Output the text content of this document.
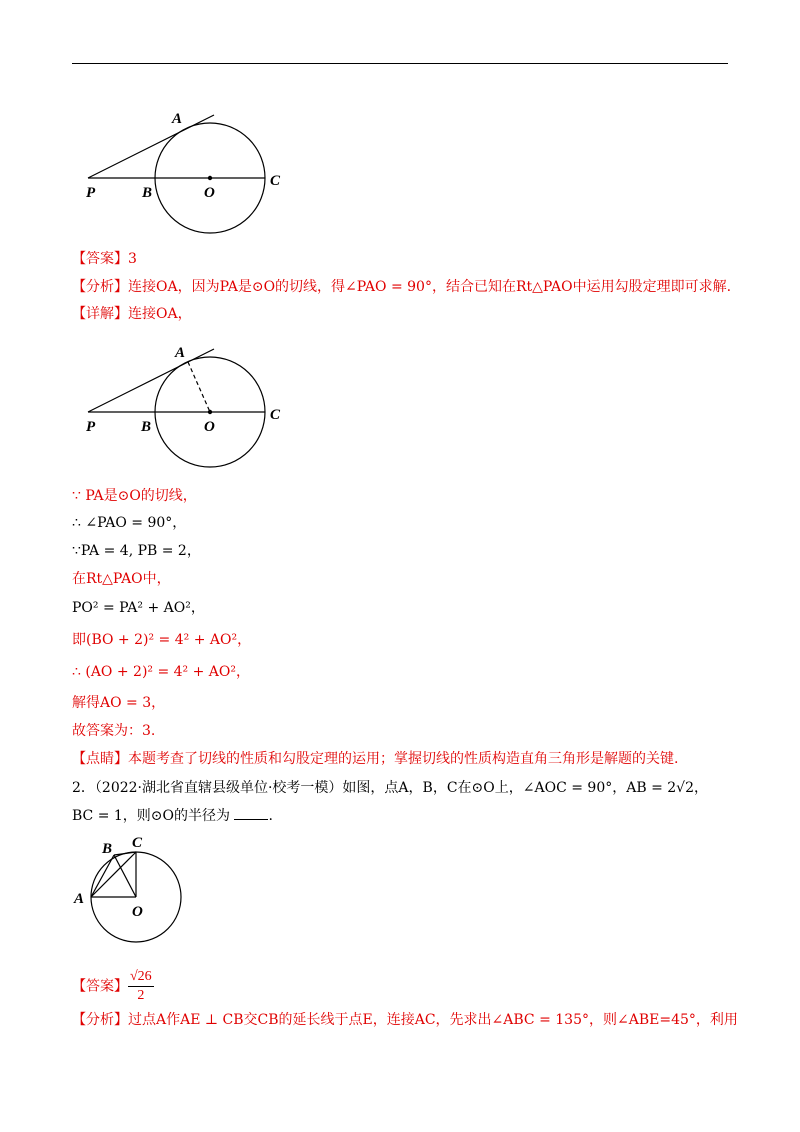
A
P	B	O
C
【答案】3
【分析】连接OA，因为PA是⊙O的切线，得∠PAO = 90°，结合已知在Rt△PAO中运用勾股定理即可求解.
【详解】连接OA，
A
P	B	O
C
∵ PA是⊙O的切线，
∴ ∠PAO = 90°，
∵PA = 4, PB = 2，
在Rt△PAO中，
PO² = PA² + AO²，
即(BO + 2)² = 4² + AO²，
∴ (AO + 2)² = 4² + AO²，
解得AO = 3，
故答案为：3.
【点睛】本题考查了切线的性质和勾股定理的运用；掌握切线的性质构造直角三角形是解题的关键.
2．（2022·湖北省直辖县级单位·校考一模）如图，点A，B，C在⊙O上，∠AOC = 90°，AB = 2√2，
BC = 1，则⊙O的半径为	.
B C
A
O
【答案】 $\frac{√26}{2}$
【分析】过点A作AE ⊥ CB交CB的延长线于点E，连接AC，先求出∠ABC = 135°，则∠ABE=45°，利用
